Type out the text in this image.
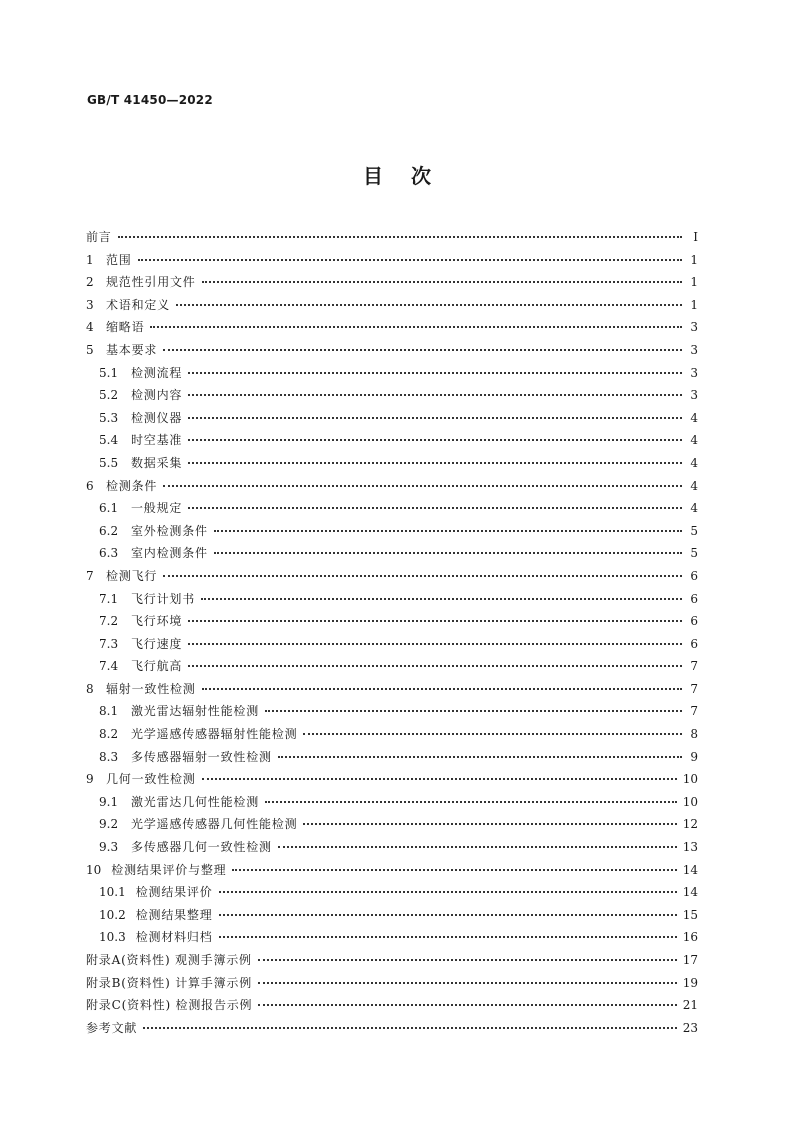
GB/T 41450—2022
目次
前言	Ⅰ
1 范围	1
2 规范性引用文件	1
3 术语和定义	1
4 缩略语	3
5 基本要求	3
5.1 检测流程	3
5.2 检测内容	3
5.3 检测仪器	4
5.4 时空基准	4
5.5 数据采集	4
6 检测条件	4
6.1 一般规定	4
6.2 室外检测条件	5
6.3 室内检测条件	5
7 检测飞行	6
7.1 飞行计划书	6
7.2 飞行环境	6
7.3 飞行速度	6
7.4 飞行航高	7
8 辐射一致性检测	7
8.1 激光雷达辐射性能检测	7
8.2 光学遥感传感器辐射性能检测	8
8.3 多传感器辐射一致性检测	9
9 几何一致性检测	10
9.1 激光雷达几何性能检测	10
9.2 光学遥感传感器几何性能检测	12
9.3 多传感器几何一致性检测	13
10 检测结果评价与整理	14
10.1 检测结果评价	14
10.2 检测结果整理	15
10.3 检测材料归档	16
附录A(资料性) 观测手簿示例	17
附录B(资料性) 计算手簿示例	19
附录C(资料性) 检测报告示例	21
参考文献	23
